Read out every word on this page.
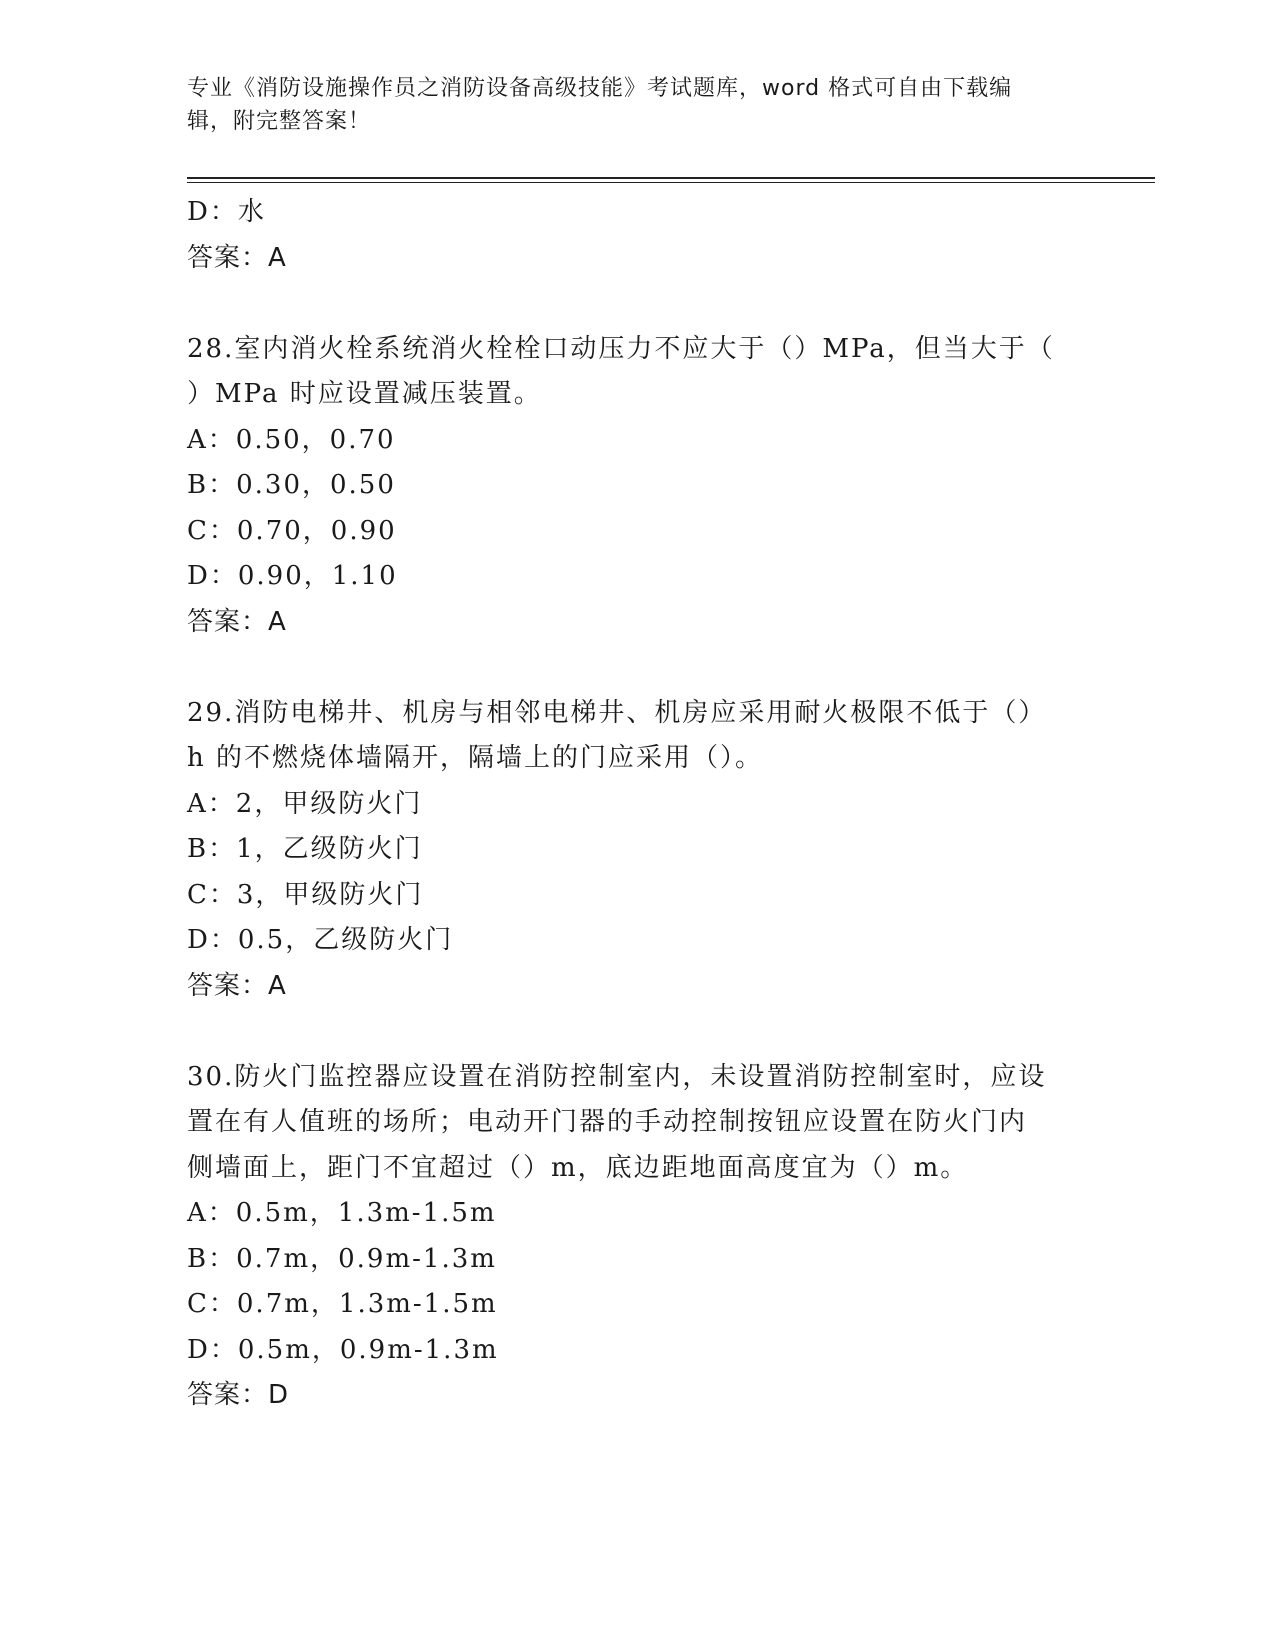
专业《消防设施操作员之消防设备高级技能》考试题库，word 格式可自由下载编
辑，附完整答案！
D：水
答案：A
28.室内消火栓系统消火栓栓口动压力不应大于（）MPa，但当大于（
）MPa 时应设置减压装置。
A：0.50，0.70
B：0.30，0.50
C：0.70，0.90
D：0.90，1.10
答案：A
29.消防电梯井、机房与相邻电梯井、机房应采用耐火极限不低于（）
h 的不燃烧体墙隔开，隔墙上的门应采用（）。
A：2，甲级防火门
B：1，乙级防火门
C：3，甲级防火门
D：0.5，乙级防火门
答案：A
30.防火门监控器应设置在消防控制室内，未设置消防控制室时，应设
置在有人值班的场所；电动开门器的手动控制按钮应设置在防火门内
侧墙面上，距门不宜超过（）m，底边距地面高度宜为（）m。
A：0.5m，1.3m-1.5m
B：0.7m，0.9m-1.3m
C：0.7m，1.3m-1.5m
D：0.5m，0.9m-1.3m
答案：D
